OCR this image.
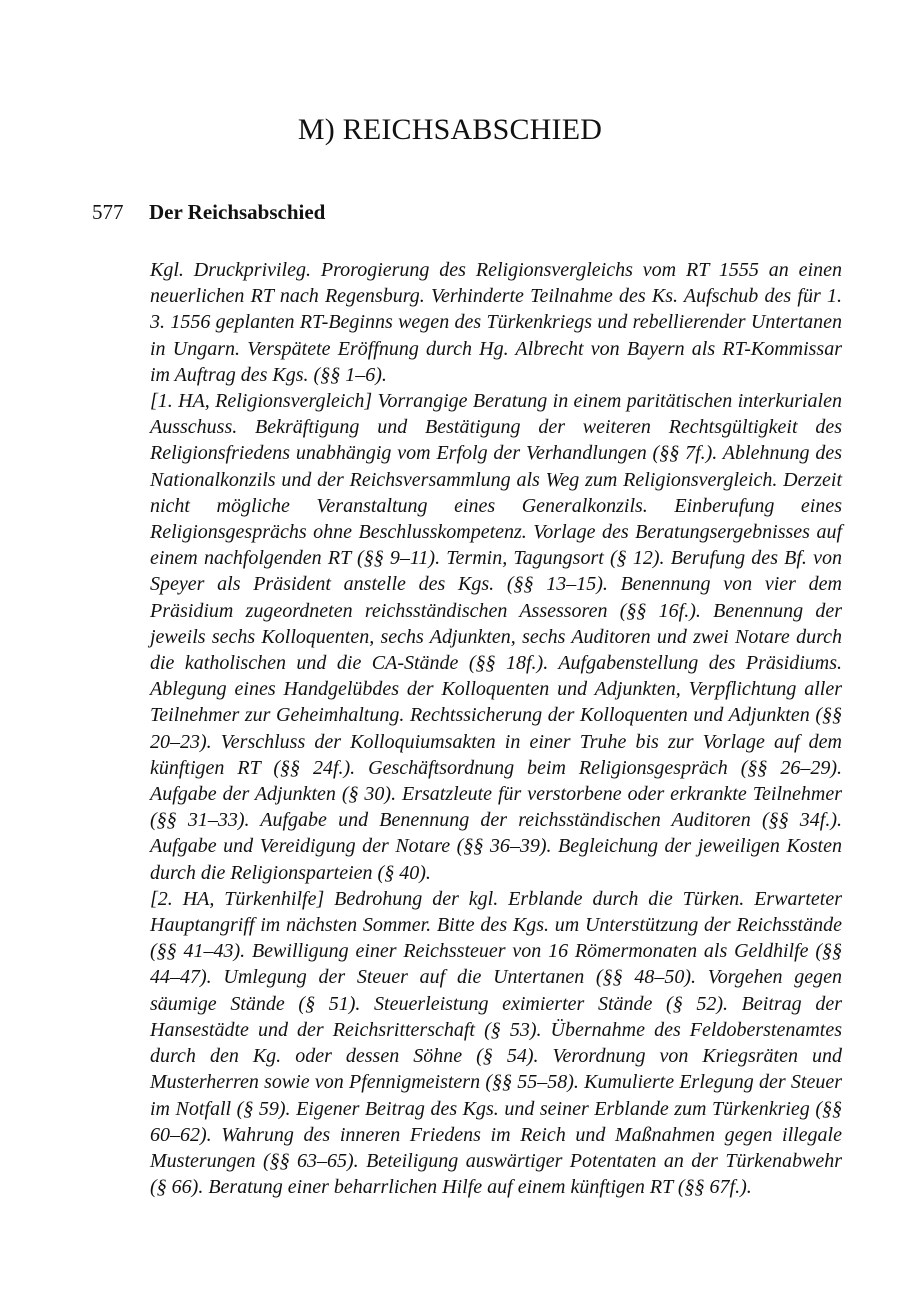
M) REICHSABSCHIED
577 Der Reichsabschied

Kgl. Druckprivileg. Prorogierung des Religionsvergleichs vom RT 1555 an einen neuerlichen RT nach Regensburg. Verhinderte Teilnahme des Ks. Aufschub des für 1. 3. 1556 geplanten RT-Beginns wegen des Türkenkriegs und rebellierender Untertanen in Ungarn. Verspätete Eröffnung durch Hg. Albrecht von Bayern als RT-Kommissar im Auftrag des Kgs. (§§ 1–6).

[1. HA, Religionsvergleich] Vorrangige Beratung in einem paritätischen interkurialen Ausschuss. Bekräftigung und Bestätigung der weiteren Rechtsgültigkeit des Religionsfriedens unabhängig vom Erfolg der Verhandlungen (§§ 7f.). Ablehnung des Nationalkonzils und der Reichsversammlung als Weg zum Religionsvergleich. Derzeit nicht mögliche Veranstaltung eines Generalkonzils. Einberufung eines Religionsgesprächs ohne Beschlusskompetenz. Vorlage des Beratungsergebnisses auf einem nachfolgenden RT (§§ 9–11). Termin, Tagungsort (§ 12). Berufung des Bf. von Speyer als Präsident anstelle des Kgs. (§§ 13–15). Benennung von vier dem Präsidium zugeordneten reichsständischen Assessoren (§§ 16f.). Benennung der jeweils sechs Kolloquenten, sechs Adjunkten, sechs Auditoren und zwei Notare durch die katholischen und die CA-Stände (§§ 18f.). Aufgabenstellung des Präsidiums. Ablegung eines Handgelübdes der Kolloquenten und Adjunkten, Verpflichtung aller Teilnehmer zur Geheimhaltung. Rechtssicherung der Kolloquenten und Adjunkten (§§ 20–23). Verschluss der Kolloquiumsakten in einer Truhe bis zur Vorlage auf dem künftigen RT (§§ 24f.). Geschäftsordnung beim Religionsgespräch (§§ 26–29). Aufgabe der Adjunkten (§ 30). Ersatzleute für verstorbene oder erkrankte Teilnehmer (§§ 31–33). Aufgabe und Benennung der reichsständischen Auditoren (§§ 34f.). Aufgabe und Vereidigung der Notare (§§ 36–39). Begleichung der jeweiligen Kosten durch die Religionsparteien (§ 40).

[2. HA, Türkenhilfe] Bedrohung der kgl. Erblande durch die Türken. Erwarteter Hauptangriff im nächsten Sommer. Bitte des Kgs. um Unterstützung der Reichsstände (§§ 41–43). Bewilligung einer Reichssteuer von 16 Römermonaten als Geldhilfe (§§ 44–47). Umlegung der Steuer auf die Untertanen (§§ 48–50). Vorgehen gegen säumige Stände (§ 51). Steuerleistung eximierter Stände (§ 52). Beitrag der Hansestädte und der Reichsritterschaft (§ 53). Übernahme des Feldoberstenamtes durch den Kg. oder dessen Söhne (§ 54). Verordnung von Kriegsräten und Musterherren sowie von Pfennigmeistern (§§ 55–58). Kumulierte Erlegung der Steuer im Notfall (§ 59). Eigener Beitrag des Kgs. und seiner Erblande zum Türkenkrieg (§§ 60–62). Wahrung des inneren Friedens im Reich und Maßnahmen gegen illegale Musterungen (§§ 63–65). Beteiligung auswärtiger Potentaten an der Türkenabwehr (§ 66). Beratung einer beharrlichen Hilfe auf einem künftigen RT (§§ 67f.).
